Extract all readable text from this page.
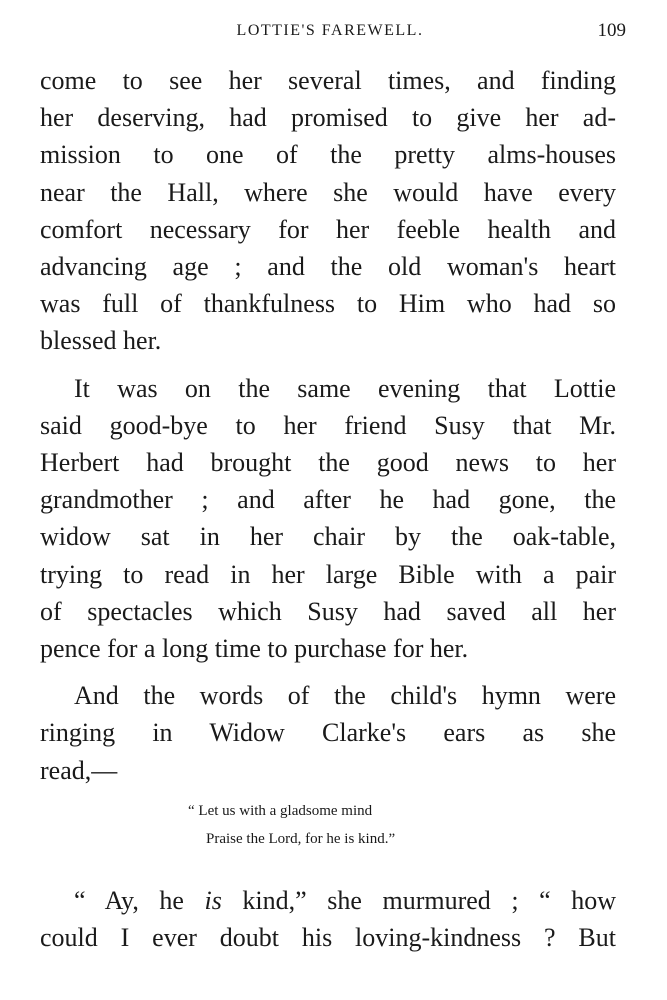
LOTTIE'S FAREWELL.	109
come to see her several times, and finding
her deserving, had promised to give her ad-
mission to one of the pretty alms-houses
near the Hall, where she would have every
comfort necessary for her feeble health and
advancing age ; and the old woman's heart
was full of thankfulness to Him who had so
blessed her.
It was on the same evening that Lottie
said good-bye to her friend Susy that Mr.
Herbert had brought the good news to her
grandmother ; and after he had gone, the
widow sat in her chair by the oak-table,
trying to read in her large Bible with a pair
of spectacles which Susy had saved all her
pence for a long time to purchase for her.
And the words of the child's hymn were
ringing in Widow Clarke's ears as she
read,—
“ Let us with a gladsome mind
Praise the Lord, for he is kind.”
“ Ay, he is kind,” she murmured ; “ how
could I ever doubt his loving-kindness ? But
